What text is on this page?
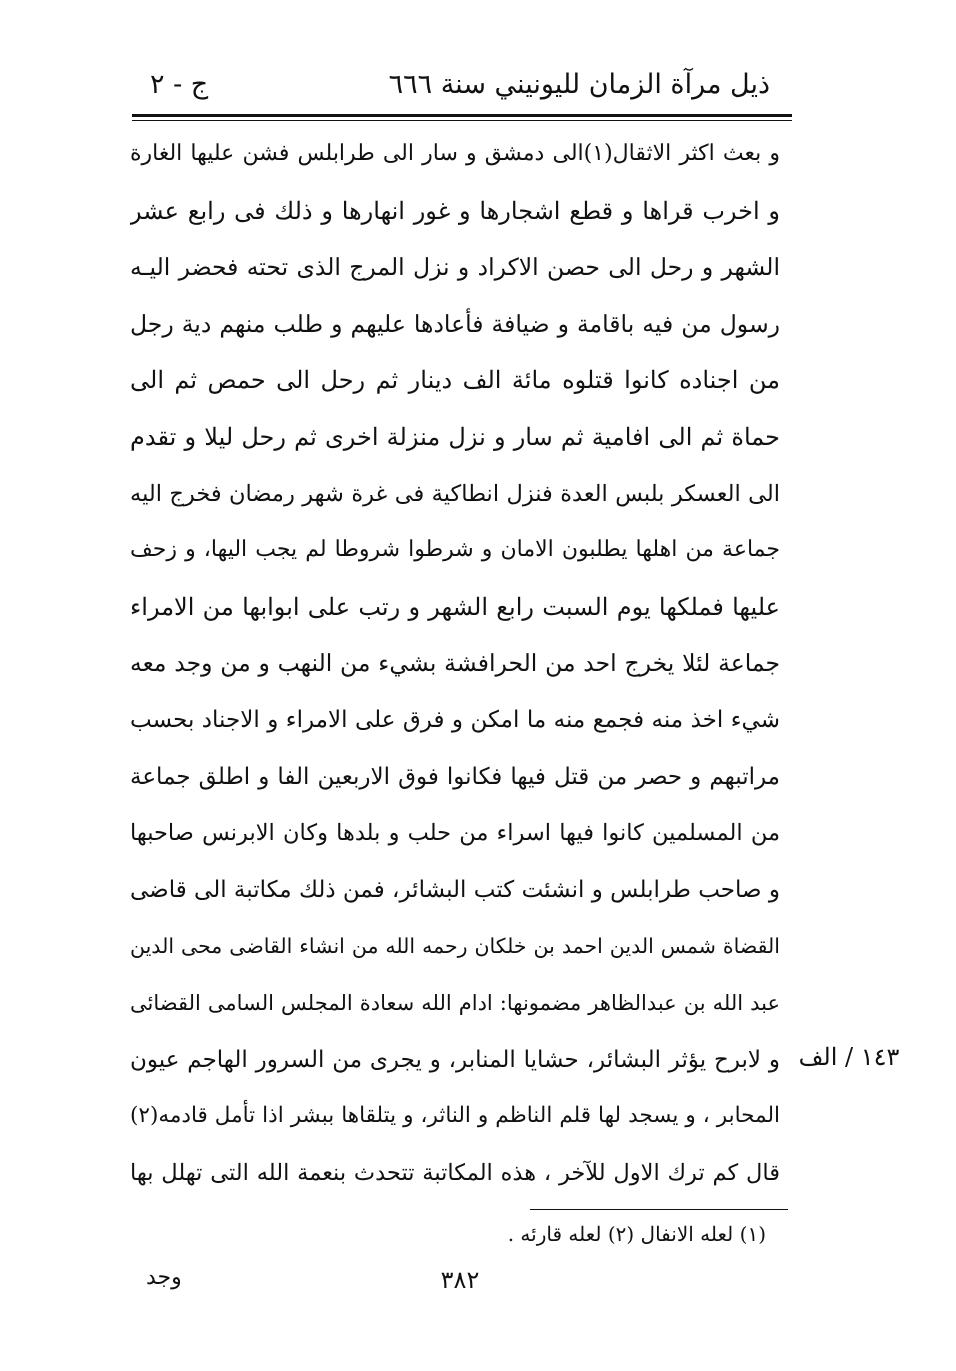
ذيل مرآة الزمان لليونيني سنة ٦٦٦
ج - ٢
و بعث اكثر الاثقال(١)الى دمشق و سار الى طرابلس فشن عليها الغارة
و اخرب قراها و قطع اشجارها و غور انهارها و ذلك فى رابع عشر
الشهر و رحل الى حصن الاكراد و نزل المرج الذى تحته فحضر اليـه
رسول من فيه باقامة و ضيافة فأعادها عليهم و طلب منهم دية رجل
من اجناده كانوا قتلوه مائة الف دينار ثم رحل الى حمص ثم الى
حماة ثم الى افامية ثم سار و نزل منزلة اخرى ثم رحل ليلا و تقدم
الى العسكر بلبس العدة فنزل انطاكية فى غرة شهر رمضان فخرج اليه
جماعة من اهلها يطلبون الامان و شرطوا شروطا لم يجب اليها، و زحف
عليها فملكها يوم السبت رابع الشهر و رتب على ابوابها من الامراء
جماعة لئلا يخرج احد من الحرافشة بشيء من النهب و من وجد معه
شيء اخذ منه فجمع منه ما امكن و فرق على الامراء و الاجناد بحسب
مراتبهم و حصر من قتل فيها فكانوا فوق الاربعين الفا و اطلق جماعة
من المسلمين كانوا فيها اسراء من حلب و بلدها وكان الابرنس صاحبها
و صاحب طرابلس و انشئت كتب البشائر، فمن ذلك مكاتبة الى قاضى
القضاة شمس الدين احمد بن خلكان رحمه الله من انشاء القاضى محى الدين
عبد الله بن عبدالظاهر مضمونها: ادام الله سعادة المجلس السامى القضائى
و لابرح يؤثر البشائر، حشايا المنابر، و يجرى من السرور الهاجم عيون
المحابر ، و يسجد لها قلم الناظم و الناثر، و يتلقاها ببشر اذا تأمل قادمه(٢)
قال كم ترك الاول للآخر ، هذه المكاتبة تتحدث بنعمة الله التى تهلل بها
١٤٣ / الف
(١) لعله الانفال (٢) لعله قارئه .
وجد	٣٨٢
